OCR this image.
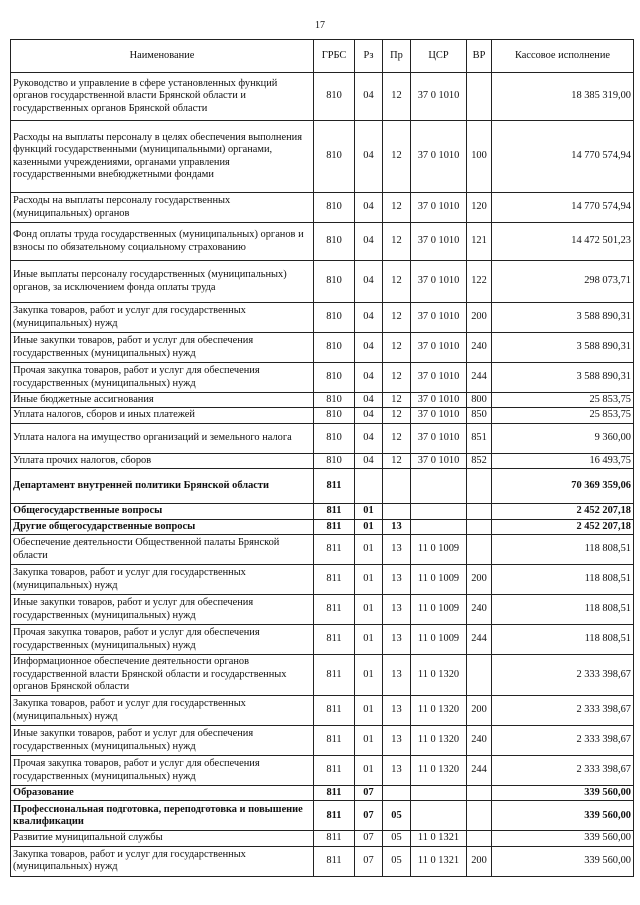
17
Наименование	ГРБС	Рз	Пр	ЦСР	ВР	Кассовое исполнение
Руководство и управление в сфере установленных функций органов государственной власти Брянской области и государственных органов Брянской области	810	04	12	37 0 1010		18 385 319,00
Расходы на выплаты персоналу в целях обеспечения выполнения функций государственными (муниципальными) органами, казенными учреждениями, органами управления государственными внебюджетными фондами	810	04	12	37 0 1010	100	14 770 574,94
Расходы на выплаты персоналу государственных (муниципальных) органов	810	04	12	37 0 1010	120	14 770 574,94
Фонд оплаты труда государственных (муниципальных) органов и взносы по обязательному социальному страхованию	810	04	12	37 0 1010	121	14 472 501,23
Иные выплаты персоналу государственных (муниципальных) органов, за исключением фонда оплаты труда	810	04	12	37 0 1010	122	298 073,71
Закупка товаров, работ и услуг для государственных (муниципальных) нужд	810	04	12	37 0 1010	200	3 588 890,31
Иные закупки товаров, работ и услуг для обеспечения государственных (муниципальных) нужд	810	04	12	37 0 1010	240	3 588 890,31
Прочая закупка товаров, работ и услуг для обеспечения государственных (муниципальных) нужд	810	04	12	37 0 1010	244	3 588 890,31
Иные бюджетные ассигнования	810	04	12	37 0 1010	800	25 853,75
Уплата налогов, сборов и иных платежей	810	04	12	37 0 1010	850	25 853,75
Уплата налога на имущество организаций и земельного налога	810	04	12	37 0 1010	851	9 360,00
Уплата прочих налогов, сборов	810	04	12	37 0 1010	852	16 493,75
Департамент внутренней политики Брянской области	811					70 369 359,06
Общегосударственные вопросы	811	01				2 452 207,18
Другие общегосударственные вопросы	811	01	13			2 452 207,18
Обеспечение деятельности Общественной палаты Брянской области	811	01	13	11 0 1009		118 808,51
Закупка товаров, работ и услуг для государственных (муниципальных) нужд	811	01	13	11 0 1009	200	118 808,51
Иные закупки товаров, работ и услуг для обеспечения государственных (муниципальных) нужд	811	01	13	11 0 1009	240	118 808,51
Прочая закупка товаров, работ и услуг для обеспечения государственных (муниципальных) нужд	811	01	13	11 0 1009	244	118 808,51
Информационное обеспечение деятельности органов государственной власти Брянской области и государственных органов Брянской области	811	01	13	11 0 1320		2 333 398,67
Закупка товаров, работ и услуг для государственных (муниципальных) нужд	811	01	13	11 0 1320	200	2 333 398,67
Иные закупки товаров, работ и услуг для обеспечения государственных (муниципальных) нужд	811	01	13	11 0 1320	240	2 333 398,67
Прочая закупка товаров, работ и услуг для обеспечения государственных (муниципальных) нужд	811	01	13	11 0 1320	244	2 333 398,67
Образование	811	07				339 560,00
Профессиональная подготовка, переподготовка и повышение квалификации	811	07	05			339 560,00
Развитие муниципальной службы	811	07	05	11 0 1321		339 560,00
Закупка товаров, работ и услуг для государственных (муниципальных) нужд	811	07	05	11 0 1321	200	339 560,00
